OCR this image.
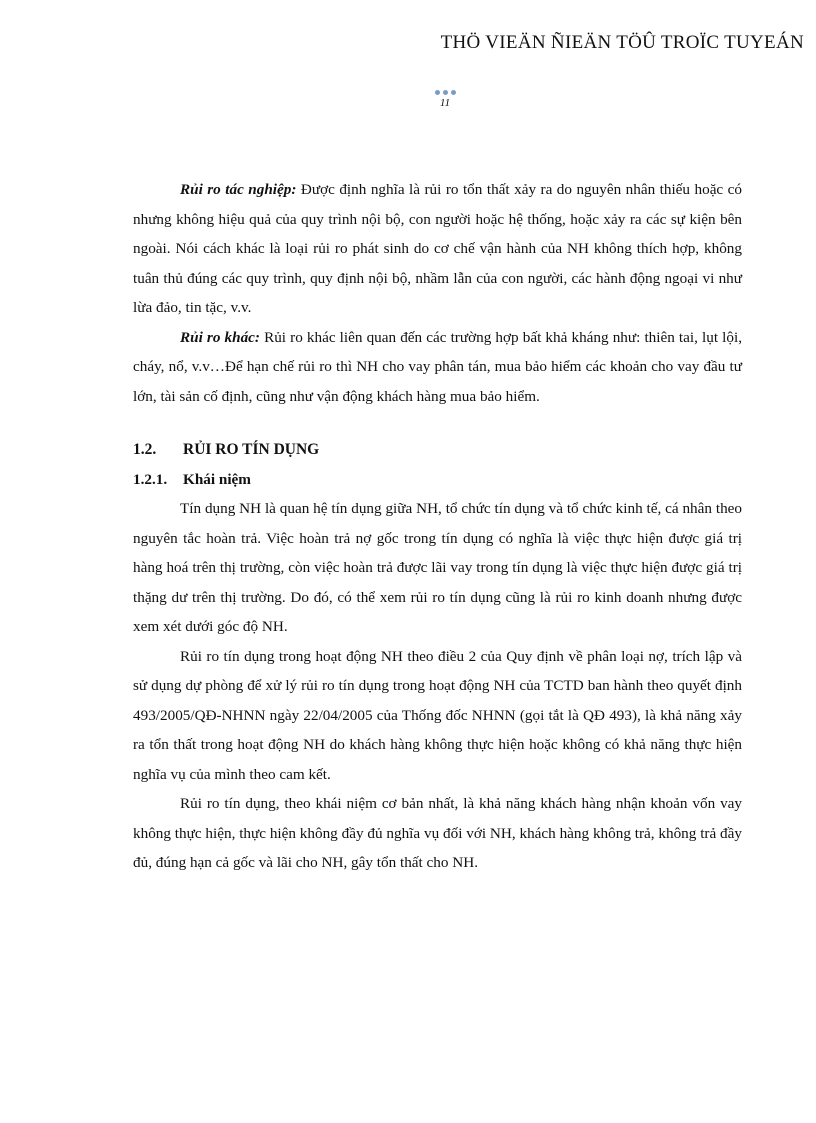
THÖ VIEÄN ÑIEÄN TÖÛ TROÏC TUYEÁN
11

Rủi ro tác nghiệp: Được định nghĩa là rủi ro tổn thất xảy ra do nguyên nhân thiếu hoặc có nhưng không hiệu quả của quy trình nội bộ, con người hoặc hệ thống, hoặc xảy ra các sự kiện bên ngoài. Nói cách khác là loại rủi ro phát sinh do cơ chế vận hành của NH không thích hợp, không tuân thủ đúng các quy trình, quy định nội bộ, nhầm lẫn của con người, các hành động ngoại vi như lừa đảo, tin tặc, v.v.

Rủi ro khác: Rủi ro khác liên quan đến các trường hợp bất khả kháng như: thiên tai, lụt lội, cháy, nổ, v.v…Để hạn chế rủi ro thì NH cho vay phân tán, mua bảo hiểm các khoản cho vay đầu tư lớn, tài sản cố định, cũng như vận động khách hàng mua bảo hiểm.

1.2.	RỦI RO TÍN DỤNG
1.2.1.	Khái niệm

Tín dụng NH là quan hệ tín dụng giữa NH, tổ chức tín dụng và tổ chức kinh tế, cá nhân theo nguyên tắc hoàn trả. Việc hoàn trả nợ gốc trong tín dụng có nghĩa là việc thực hiện được giá trị hàng hoá trên thị trường, còn việc hoàn trả được lãi vay trong tín dụng là việc thực hiện được giá trị thặng dư trên thị trường. Do đó, có thể xem rủi ro tín dụng cũng là rủi ro kinh doanh nhưng được xem xét dưới góc độ NH.

Rủi ro tín dụng trong hoạt động NH theo điều 2 của Quy định về phân loại nợ, trích lập và sử dụng dự phòng để xử lý rủi ro tín dụng trong hoạt động NH của TCTD ban hành theo quyết định 493/2005/QĐ-NHNN ngày 22/04/2005 của Thống đốc NHNN (gọi tắt là QĐ 493), là khả năng xảy ra tổn thất trong hoạt động NH do khách hàng không thực hiện hoặc không có khả năng thực hiện nghĩa vụ của mình theo cam kết.

Rủi ro tín dụng, theo khái niệm cơ bản nhất, là khả năng khách hàng nhận khoản vốn vay không thực hiện, thực hiện không đầy đủ nghĩa vụ đối với NH, khách hàng không trả, không trả đầy đủ, đúng hạn cả gốc và lãi cho NH, gây tổn thất cho NH.
